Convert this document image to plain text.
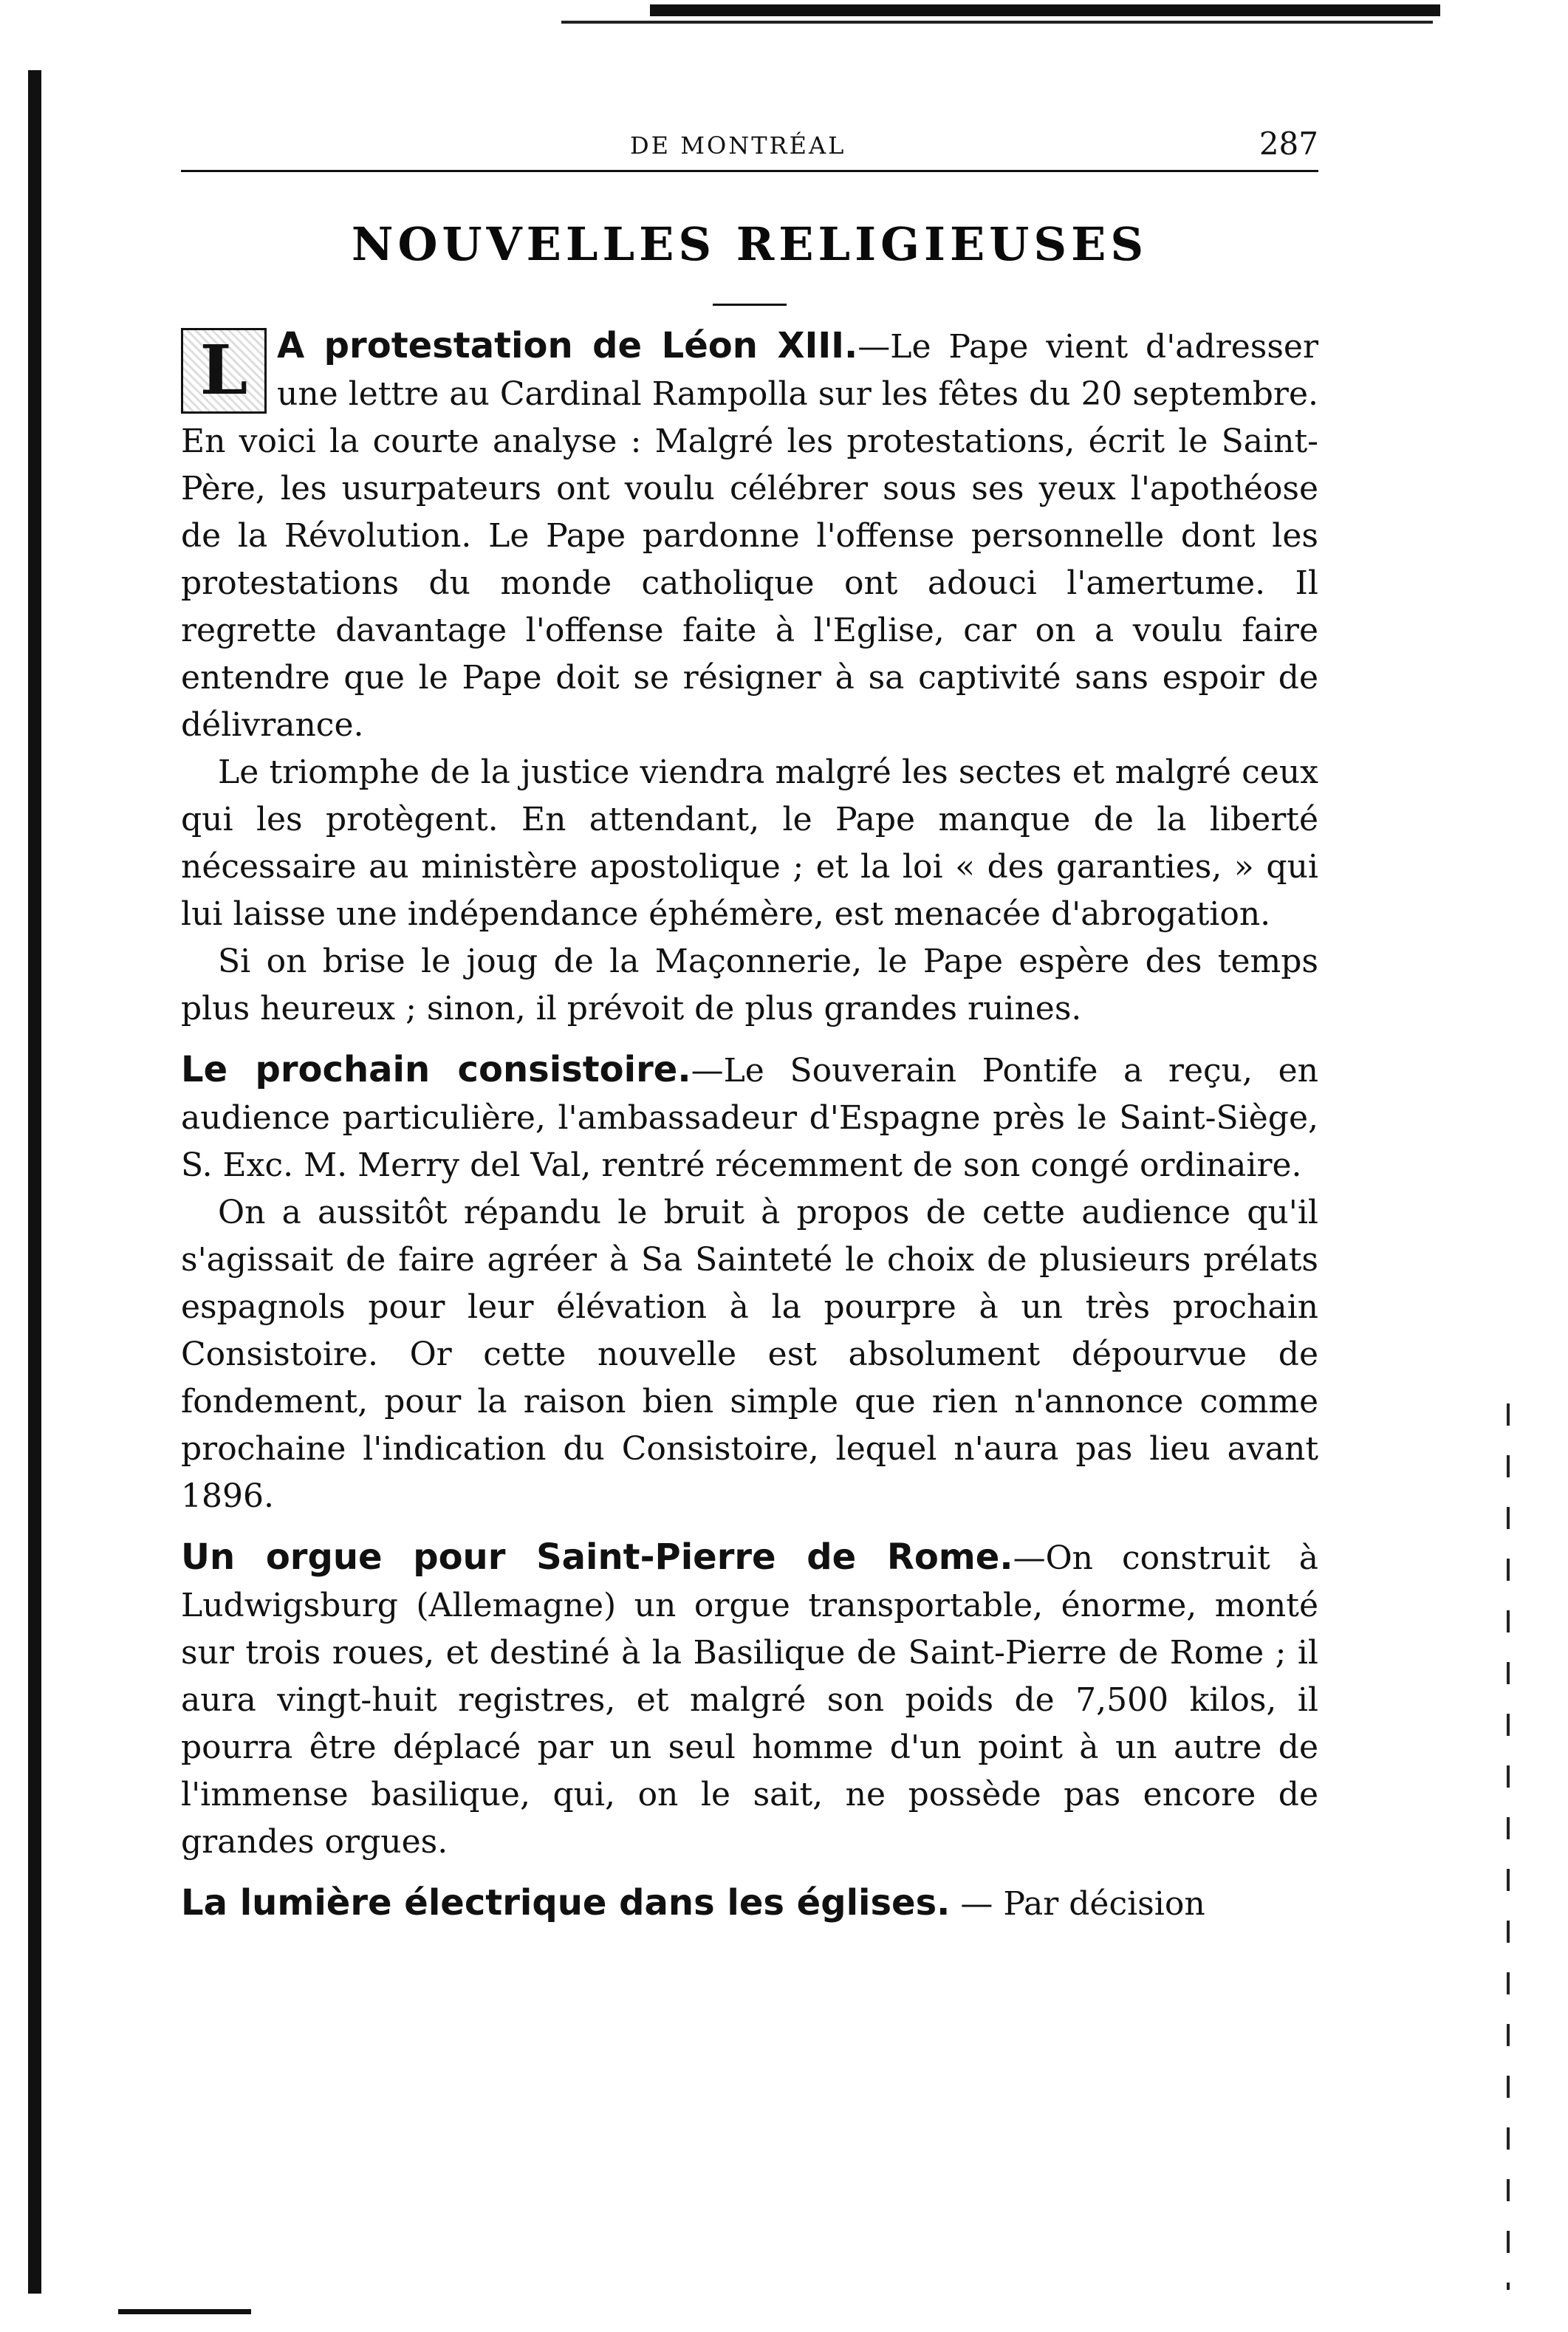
DE MONTRÉAL	287
NOUVELLES RELIGIEUSES

L A protestation de Léon XIII.—Le Pape vient d'adresser une lettre au Cardinal Rampolla sur les fêtes du 20 septembre. En voici la courte analyse : Malgré les protestations, écrit le Saint-Père, les usurpateurs ont voulu célébrer sous ses yeux l'apothéose de la Révolution. Le Pape pardonne l'offense personnelle dont les protestations du monde catholique ont adouci l'amertume. Il regrette davantage l'offense faite à l'Eglise, car on a voulu faire entendre que le Pape doit se résigner à sa captivité sans espoir de délivrance.

Le triomphe de la justice viendra malgré les sectes et malgré ceux qui les protègent. En attendant, le Pape manque de la liberté nécessaire au ministère apostolique ; et la loi « des garanties, » qui lui laisse une indépendance éphémère, est menacée d'abrogation.

Si on brise le joug de la Maçonnerie, le Pape espère des temps plus heureux ; sinon, il prévoit de plus grandes ruines.

Le prochain consistoire.—Le Souverain Pontife a reçu, en audience particulière, l'ambassadeur d'Espagne près le Saint-Siège, S. Exc. M. Merry del Val, rentré récemment de son congé ordinaire.

On a aussitôt répandu le bruit à propos de cette audience qu'il s'agissait de faire agréer à Sa Sainteté le choix de plusieurs prélats espagnols pour leur élévation à la pourpre à un très prochain Consistoire. Or cette nouvelle est absolument dépourvue de fondement, pour la raison bien simple que rien n'annonce comme prochaine l'indication du Consistoire, lequel n'aura pas lieu avant 1896.

Un orgue pour Saint-Pierre de Rome.—On construit à Ludwigsburg (Allemagne) un orgue transportable, énorme, monté sur trois roues, et destiné à la Basilique de Saint-Pierre de Rome ; il aura vingt-huit registres, et malgré son poids de 7,500 kilos, il pourra être déplacé par un seul homme d'un point à un autre de l'immense basilique, qui, on le sait, ne possède pas encore de grandes orgues.

La lumière électrique dans les églises. — Par décision
